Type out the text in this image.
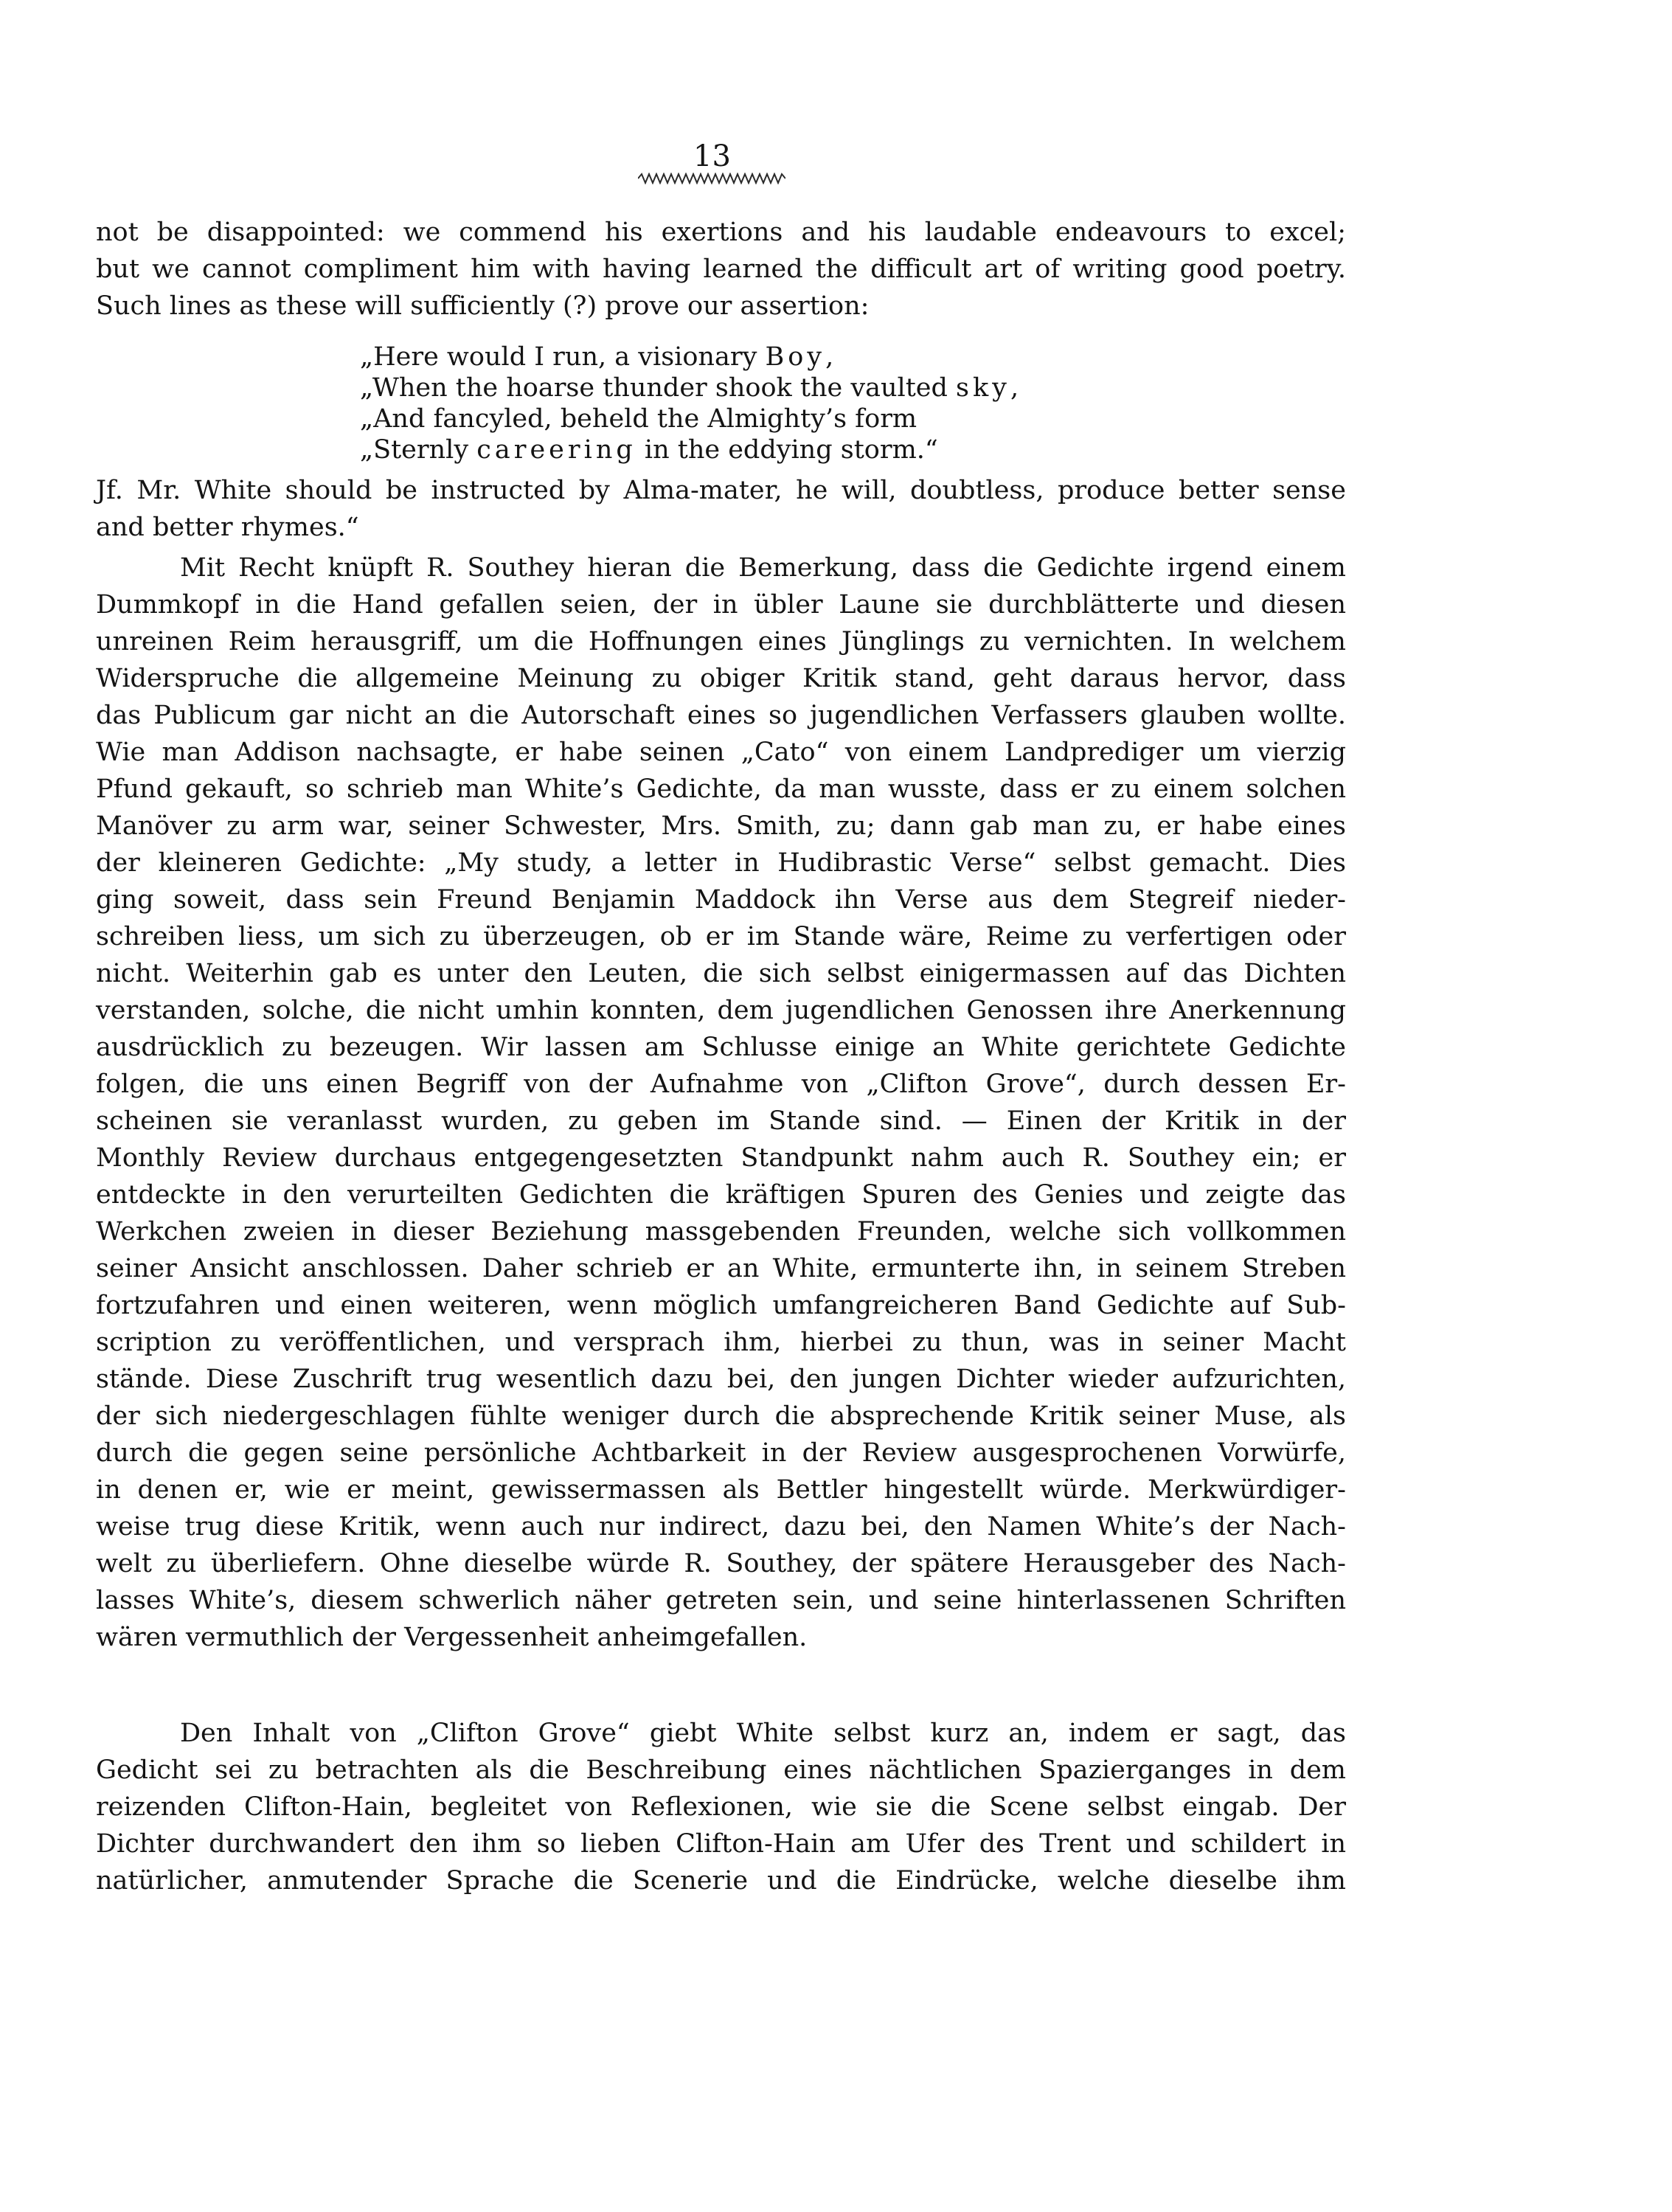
13
not be disappointed: we commend his exertions and his laudable endeavours to excel;
but we cannot compliment him with having learned the difficult art of writing good poetry.
Such lines as these will sufficiently (?) prove our assertion:
„Here would I run, a visionary Boy,
„When the hoarse thunder shook the vaulted sky,
„And fancyled, beheld the Almighty’s form
„Sternly careering in the eddying storm.“
Jf. Mr. White should be instructed by Alma-mater, he will, doubtless, produce better sense
and better rhymes.“
Mit Recht knüpft R. Southey hieran die Bemerkung, dass die Gedichte irgend einem
Dummkopf in die Hand gefallen seien, der in übler Laune sie durchblätterte und diesen
unreinen Reim herausgriff, um die Hoffnungen eines Jünglings zu vernichten. In welchem
Widerspruche die allgemeine Meinung zu obiger Kritik stand, geht daraus hervor, dass
das Publicum gar nicht an die Autorschaft eines so jugendlichen Verfassers glauben wollte.
Wie man Addison nachsagte, er habe seinen „Cato“ von einem Landprediger um vierzig
Pfund gekauft, so schrieb man White’s Gedichte, da man wusste, dass er zu einem solchen
Manöver zu arm war, seiner Schwester, Mrs. Smith, zu; dann gab man zu, er habe eines
der kleineren Gedichte: „My study, a letter in Hudibrastic Verse“ selbst gemacht. Dies
ging soweit, dass sein Freund Benjamin Maddock ihn Verse aus dem Stegreif nieder-
schreiben liess, um sich zu überzeugen, ob er im Stande wäre, Reime zu verfertigen oder
nicht. Weiterhin gab es unter den Leuten, die sich selbst einigermassen auf das Dichten
verstanden, solche, die nicht umhin konnten, dem jugendlichen Genossen ihre Anerkennung
ausdrücklich zu bezeugen. Wir lassen am Schlusse einige an White gerichtete Gedichte
folgen, die uns einen Begriff von der Aufnahme von „Clifton Grove“, durch dessen Er-
scheinen sie veranlasst wurden, zu geben im Stande sind. — Einen der Kritik in der
Monthly Review durchaus entgegengesetzten Standpunkt nahm auch R. Southey ein; er
entdeckte in den verurteilten Gedichten die kräftigen Spuren des Genies und zeigte das
Werkchen zweien in dieser Beziehung massgebenden Freunden, welche sich vollkommen
seiner Ansicht anschlossen. Daher schrieb er an White, ermunterte ihn, in seinem Streben
fortzufahren und einen weiteren, wenn möglich umfangreicheren Band Gedichte auf Sub-
scription zu veröffentlichen, und versprach ihm, hierbei zu thun, was in seiner Macht
stände. Diese Zuschrift trug wesentlich dazu bei, den jungen Dichter wieder aufzurichten,
der sich niedergeschlagen fühlte weniger durch die absprechende Kritik seiner Muse, als
durch die gegen seine persönliche Achtbarkeit in der Review ausgesprochenen Vorwürfe,
in denen er, wie er meint, gewissermassen als Bettler hingestellt würde. Merkwürdiger-
weise trug diese Kritik, wenn auch nur indirect, dazu bei, den Namen White’s der Nach-
welt zu überliefern. Ohne dieselbe würde R. Southey, der spätere Herausgeber des Nach-
lasses White’s, diesem schwerlich näher getreten sein, und seine hinterlassenen Schriften
wären vermuthlich der Vergessenheit anheimgefallen.
Den Inhalt von „Clifton Grove“ giebt White selbst kurz an, indem er sagt, das
Gedicht sei zu betrachten als die Beschreibung eines nächtlichen Spazierganges in dem
reizenden Clifton-Hain, begleitet von Reflexionen, wie sie die Scene selbst eingab. Der
Dichter durchwandert den ihm so lieben Clifton-Hain am Ufer des Trent und schildert in
natürlicher, anmutender Sprache die Scenerie und die Eindrücke, welche dieselbe ihm
